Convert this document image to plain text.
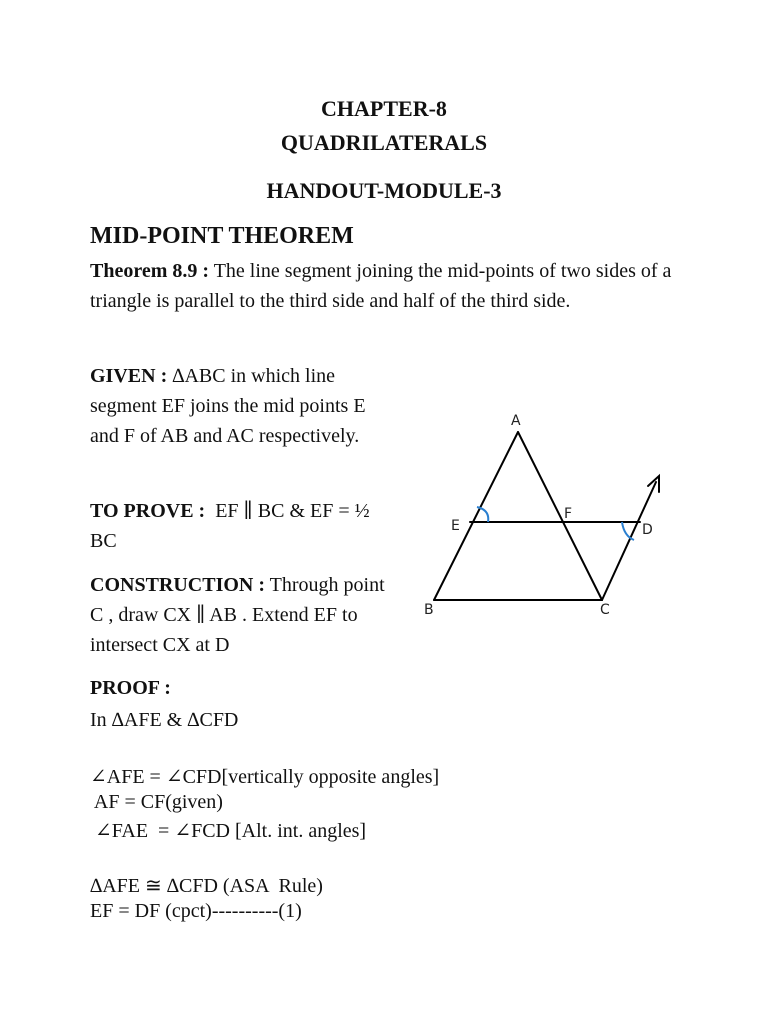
CHAPTER-8
QUADRILATERALS
HANDOUT-MODULE-3
MID-POINT THEOREM
Theorem 8.9 : The line segment joining the mid-points of two sides of a triangle is parallel to the third side and half of the third side.
GIVEN : ∆ABC in which line segment EF joins the mid points E and F of AB and AC respectively.
TO PROVE :  EF ∥ BC & EF = ½ BC
CONSTRUCTION : Through point C , draw CX ∥ AB . Extend EF to intersect CX at D
PROOF :
In ∆AFE & ∆CFD
∠AFE = ∠CFD[vertically opposite angles]
AF = CF(given)
∠FAE  = ∠FCD [Alt. int. angles]
∆AFE ≅ ∆CFD (ASA  Rule)
EF = DF (cpct)----------(1)
A
E
F
D
B	C
